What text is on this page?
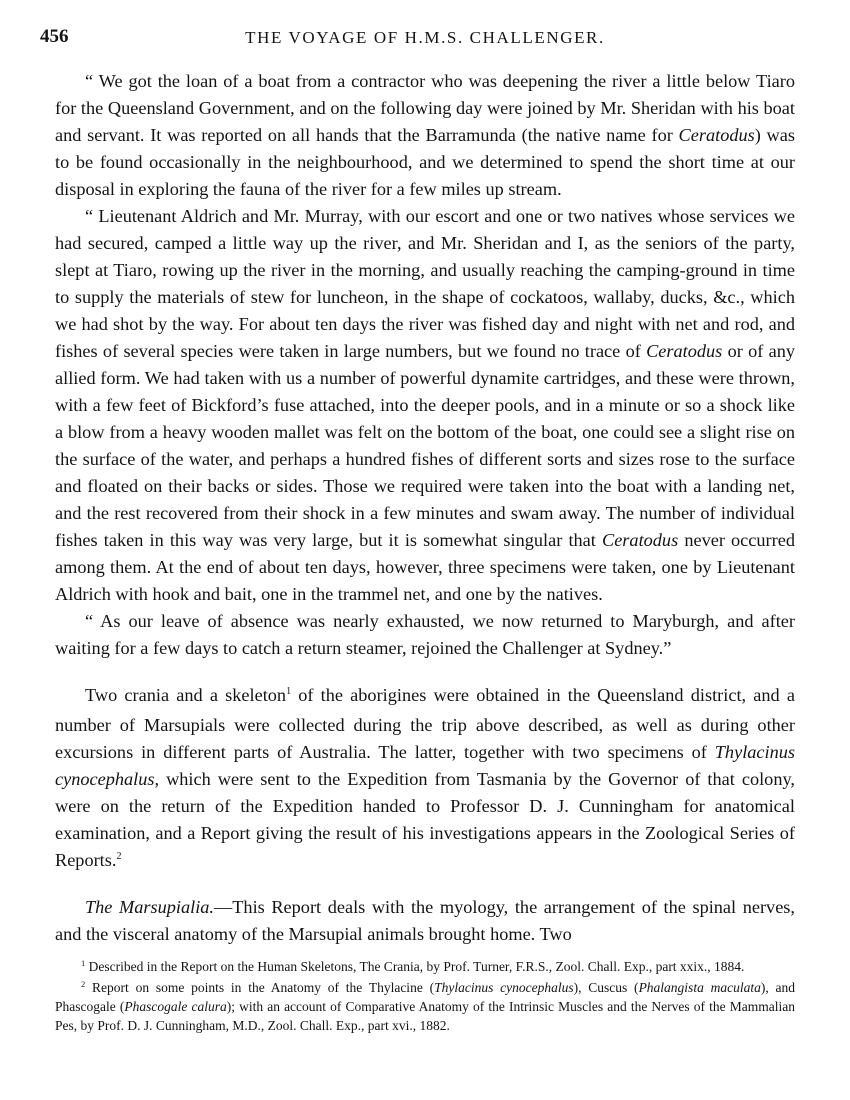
456	THE VOYAGE OF H.M.S. CHALLENGER.

“ We got the loan of a boat from a contractor who was deepening the river a little below Tiaro for the Queensland Government, and on the following day were joined by Mr. Sheridan with his boat and servant. It was reported on all hands that the Barramunda (the native name for Ceratodus) was to be found occasionally in the neighbourhood, and we determined to spend the short time at our disposal in exploring the fauna of the river for a few miles up stream.

“ Lieutenant Aldrich and Mr. Murray, with our escort and one or two natives whose services we had secured, camped a little way up the river, and Mr. Sheridan and I, as the seniors of the party, slept at Tiaro, rowing up the river in the morning, and usually reaching the camping-ground in time to supply the materials of stew for luncheon, in the shape of cockatoos, wallaby, ducks, &c., which we had shot by the way. For about ten days the river was fished day and night with net and rod, and fishes of several species were taken in large numbers, but we found no trace of Ceratodus or of any allied form. We had taken with us a number of powerful dynamite cartridges, and these were thrown, with a few feet of Bickford’s fuse attached, into the deeper pools, and in a minute or so a shock like a blow from a heavy wooden mallet was felt on the bottom of the boat, one could see a slight rise on the surface of the water, and perhaps a hundred fishes of different sorts and sizes rose to the surface and floated on their backs or sides. Those we required were taken into the boat with a landing net, and the rest recovered from their shock in a few minutes and swam away. The number of individual fishes taken in this way was very large, but it is somewhat singular that Ceratodus never occurred among them. At the end of about ten days, however, three specimens were taken, one by Lieutenant Aldrich with hook and bait, one in the trammel net, and one by the natives.

“ As our leave of absence was nearly exhausted, we now returned to Maryburgh, and after waiting for a few days to catch a return steamer, rejoined the Challenger at Sydney.”

Two crania and a skeleton$^1$ of the aborigines were obtained in the Queensland district, and a number of Marsupials were collected during the trip above described, as well as during other excursions in different parts of Australia. The latter, together with two specimens of Thylacinus cynocephalus, which were sent to the Expedition from Tasmania by the Governor of that colony, were on the return of the Expedition handed to Professor D. J. Cunningham for anatomical examination, and a Report giving the result of his investigations appears in the Zoological Series of Reports.$^2$

The Marsupialia.—This Report deals with the myology, the arrangement of the spinal nerves, and the visceral anatomy of the Marsupial animals brought home. Two

$^1$ Described in the Report on the Human Skeletons, The Crania, by Prof. Turner, F.R.S., Zool. Chall. Exp., part xxix., 1884.

$^2$ Report on some points in the Anatomy of the Thylacine (Thylacinus cynocephalus), Cuscus (Phalangista maculata), and Phascogale (Phascogale calura); with an account of Comparative Anatomy of the Intrinsic Muscles and the Nerves of the Mammalian Pes, by Prof. D. J. Cunningham, M.D., Zool. Chall. Exp., part xvi., 1882.
